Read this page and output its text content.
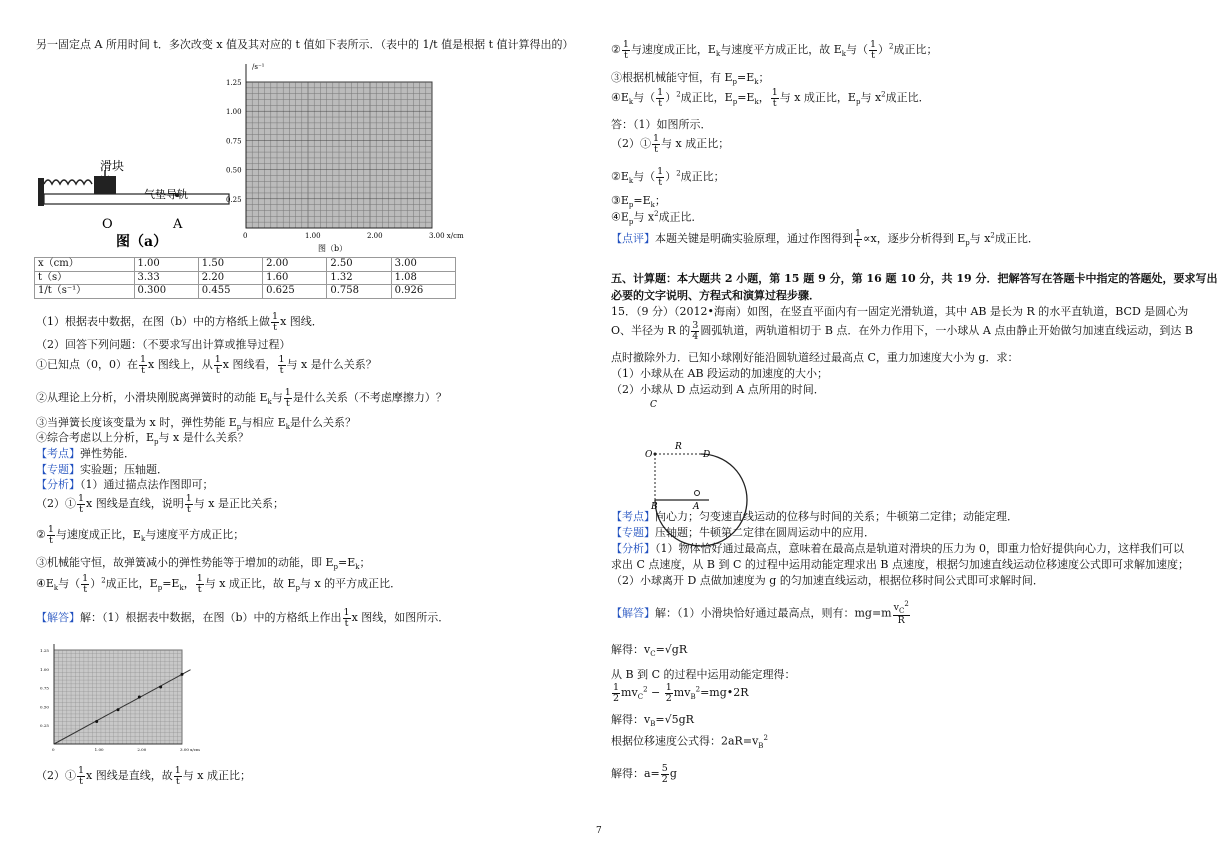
另一固定点 A 所用时间 t．多次改变 x 值及其对应的 t 值如下表所示．（表中的 1/t 值是根据 t 值计算得出的）
滑块
气垫导轨
O	A
图（a）
/s⁻¹
1.25
1.00
0.75
0.50
0.25
0	1.00	2.00	3.00 x/cm
图（b）
x（cm）	1.00	1.50	2.00	2.50	3.00
t（s）	3.33	2.20	1.60	1.32	1.08
1/t（s⁻¹）	0.300	0.455	0.625	0.758	0.926
（1）根据表中数据，在图（b）中的方格纸上做 $\frac{1}{t}$ x 图线．
（2）回答下列问题：（不要求写出计算或推导过程）
①已知点（0，0）在 $\frac{1}{t}$ x 图线上，从 $\frac{1}{t}$ x 图线看， $\frac{1}{t}$ 与 x 是什么关系？
②从理论上分析，小滑块刚脱离弹簧时的动能 $E_k$与 $\frac{1}{t}$ 是什么关系（不考虑摩擦力）？
③当弹簧长度该变量为 x 时，弹性势能 $E_p$与相应 $E_k$是什么关系？
④综合考虑以上分析，$E_p$与 x 是什么关系？
【考点】弹性势能．
【专题】实验题；压轴题．
【分析】（1）通过描点法作图即可；
（2）① $\frac{1}{t}$ x 图线是直线，说明 $\frac{1}{t}$ 与 x 是正比关系；
② $\frac{1}{t}$ 与速度成正比，$E_k$与速度平方成正比；
③机械能守恒，故弹簧减小的弹性势能等于增加的动能，即 $E_p=E_k$；
$④E_k$与（ $\frac{1}{t} )^2$成正比，$E_p=E_k$， $\frac{1}{t}$ 与 x 成正比，故 $E_p$与 x 的平方成正比．
【解答】解：（1）根据表中数据，在图（b）中的方格纸上作出 $\frac{1}{t}$ x 图线，如图所示．
1.25
1.00
0.75
0.50
0.25
0	1.00	2.00	3.00 x/cm
（2）① $\frac{1}{t}$ x 图线是直线，故 $\frac{1}{t}$ 与 x 成正比；
② $\frac{1}{t}$ 与速度成正比，$E_k$与速度平方成正比，故 $E_k$与（ $\frac{1}{t} )^2$成正比；
③根据机械能守恒，有 $E_p=E_k$；
$④E_k$与（ $\frac{1}{t} )^2$成正比，$E_p=E_k$， $\frac{1}{t}$ 与 x 成正比，$E_p$与 $x^2$成正比．
答：（1）如图所示．
（2）① $\frac{1}{t}$ 与 x 成正比；
$②E_k$与（ $\frac{1}{t} )^2$成正比；
$③E_p=E_k$；
$④E_p$与 $x^2$成正比．
【点评】本题关键是明确实验原理，通过作图得到 $\frac{1}{t} \propto x$，逐步分析得到 $E_p$与 $x^2$成正比．
五、计算题：本大题共 2 小题，第 15 题 9 分，第 16 题 10 分，共 19 分．把解答写在答题卡中指定的答题处，要求写出
必要的文字说明、方程式和演算过程步骤．
15．（9 分）（2012•海南）如图，在竖直平面内有一固定光滑轨道，其中 AB 是长为 R 的水平直轨道，BCD 是圆心为
O、半径为 R 的 $\frac{3}{4}$ 圆弧轨道，两轨道相切于 B 点．在外力作用下，一小球从 A 点由静止开始做匀加速直线运动，到达 B
点时撤除外力．已知小球刚好能沿圆轨道经过最高点 C，重力加速度大小为 g．求：
（1）小球从在 AB 段运动的加速度的大小；
（2）小球从 D 点运动到 A 点所用的时间．
C
O
R
D
B	A
【考点】向心力；匀变速直线运动的位移与时间的关系；牛顿第二定律；动能定理．
【专题】压轴题；牛顿第二定律在圆周运动中的应用．
【分析】（1）物体恰好通过最高点，意味着在最高点是轨道对滑块的压力为 0，即重力恰好提供向心力，这样我们可以
求出 C 点速度，从 B 到 C 的过程中运用动能定理求出 B 点速度，根据匀加速直线运动位移速度公式即可求解加速度；
（2）小球离开 D 点做加速度为 g 的匀加速直线运动，根据位移时间公式即可求解时间．
【解答】解：（1）小滑块恰好通过最高点，则有：$mg=m \frac{v_C^2}{R}$
解得：$v_C=√gR$
从 B 到 C 的过程中运用动能定理得：
$\frac{1}{2} mv_C^2 - \frac{1}{2}$ $mv_B^2=mg•2R$
解得：$v_B=√5gR$
根据位移速度公式得：$2aR=v_B^2$
解得：$a= \frac{5}{2}$ g
7
